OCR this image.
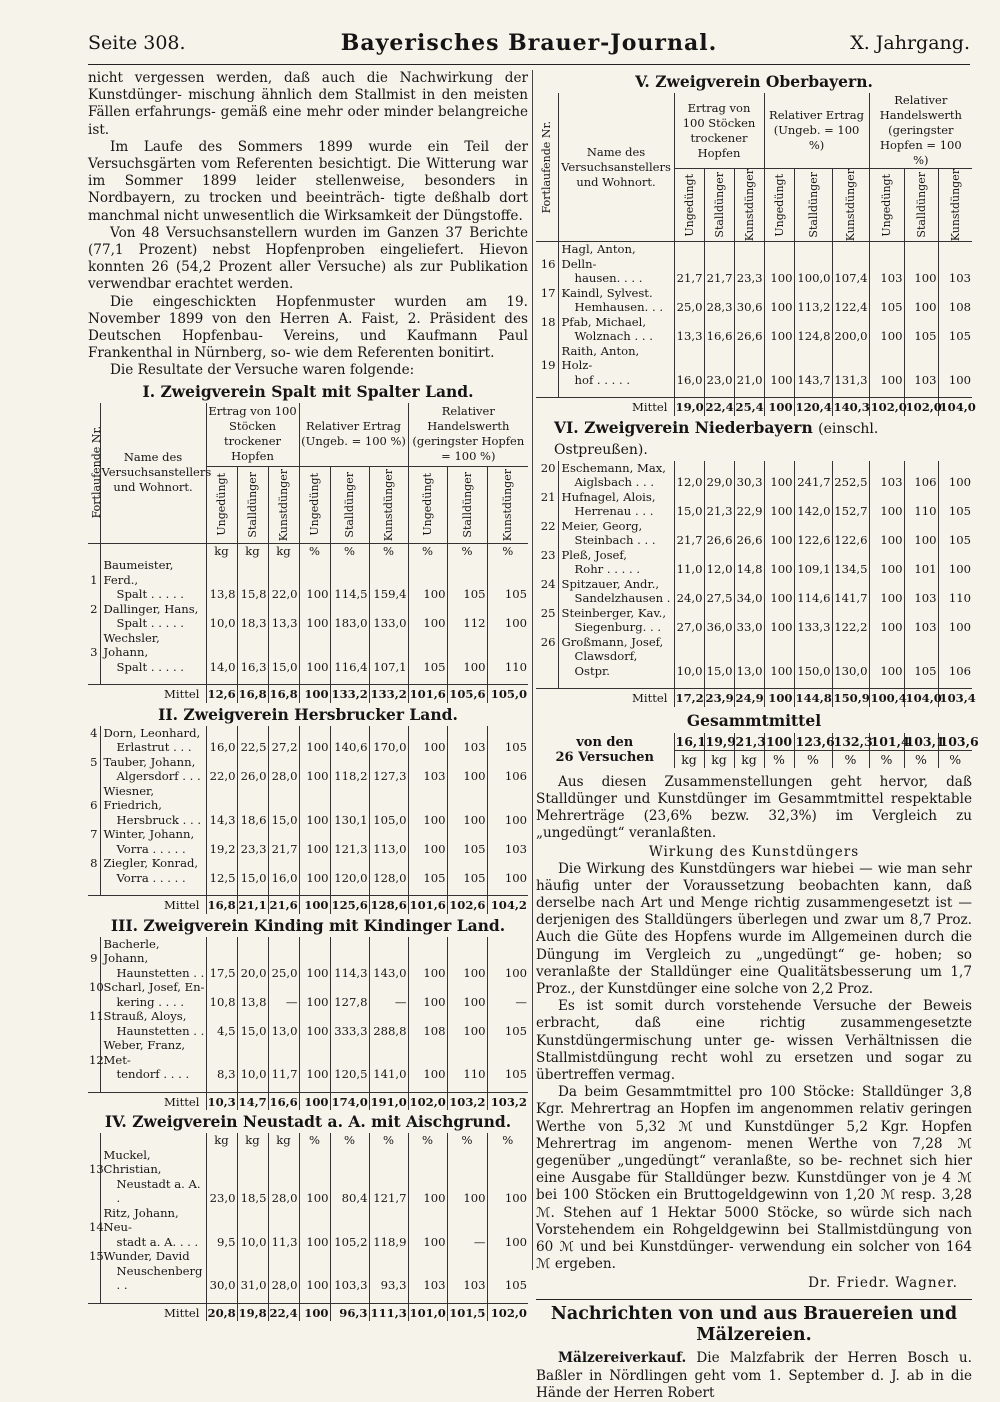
Seite 308.	Bayerisches Brauer-Journal.	X. Jahrgang.

nicht vergessen werden, daß auch die Nachwirkung der Kunstdünger- mischung ähnlich dem Stallmist in den meisten Fällen erfahrungs- gemäß eine mehr oder minder belangreiche ist.

Im Laufe des Sommers 1899 wurde ein Teil der Versuchsgärten vom Referenten besichtigt. Die Witterung war im Sommer 1899 leider stellenweise, besonders in Nordbayern, zu trocken und beeinträch- tigte deßhalb dort manchmal nicht unwesentlich die Wirksamkeit der Düngstoffe.

Von 48 Versuchsanstellern wurden im Ganzen 37 Berichte (77,1 Prozent) nebst Hopfenproben eingeliefert. Hievon konnten 26 (54,2 Prozent aller Versuche) als zur Publikation verwendbar erachtet werden.

Die eingeschickten Hopfenmuster wurden am 19. November 1899 von den Herren A. Faist, 2. Präsident des Deutschen Hopfenbau- Vereins, und Kaufmann Paul Frankenthal in Nürnberg, so- wie dem Referenten bonitirt.

Die Resultate der Versuche waren folgende:

I. Zweigverein Spalt mit Spalter Land.
Fortlaufende Nr.	Name des Versuchsanstellers und Wohnort.	Ertrag von 100 Stöcken trockener Hopfen			Relativer Ertrag (Ungeb. = 100 %)			Relativer Handelswerth (geringster Hopfen = 100 %)		

		Ungedüngt	Stalldünger	Kunstdünger	Ungedüngt	Stalldünger	Kunstdünger	Ungedüngt	Stalldünger	Kunstdünger

		kg	kg	kg	%	%	%	%	%	%
1	Baumeister, Ferd.,									
	Spalt . . . . .	13,8	15,8	22,0	100	114,5	159,4	100	105	105
2	Dallinger, Hans,									
	Spalt . . . . .	10,0	18,3	13,3	100	183,0	133,0	100	112	100
3	Wechsler, Johann,									
	Spalt . . . . .	14,0	16,3	15,0	100	116,4	107,1	105	100	110

Mittel		12,6	16,8	16,8	100	133,2	133,2	101,6	105,6	105,0
II. Zweigverein Hersbrucker Land.
4	Dorn, Leonhard,									
	Erlastrut . . .	16,0	22,5	27,2	100	140,6	170,0	100	103	105
5	Tauber, Johann,									
	Algersdorf . . .	22,0	26,0	28,0	100	118,2	127,3	103	100	106
6	Wiesner, Friedrich,									
	Hersbruck . . .	14,3	18,6	15,0	100	130,1	105,0	100	100	100
7	Winter, Johann,									
	Vorra . . . . .	19,2	23,3	21,7	100	121,3	113,0	100	105	103
8	Ziegler, Konrad,									
	Vorra . . . . .	12,5	15,0	16,0	100	120,0	128,0	105	105	100

Mittel		16,8	21,1	21,6	100	125,6	128,6	101,6	102,6	104,2
III. Zweigverein Kinding mit Kindinger Land.
9	Bacherle, Johann,									
	Haunstetten . .	17,5	20,0	25,0	100	114,3	143,0	100	100	100
10	Scharl, Josef, En-									
	kering . . . .	10,8	13,8	—	100	127,8	—	100	100	—
11	Strauß, Aloys,									
	Haunstetten . .	4,5	15,0	13,0	100	333,3	288,8	108	100	105
12	Weber, Franz, Met-									
	tendorf . . . .	8,3	10,0	11,7	100	120,5	141,0	100	110	105

Mittel		10,3	14,7	16,6	100	174,0	191,0	102,0	103,2	103,2
IV. Zweigverein Neustadt a. A. mit Aischgrund.
		kg	kg	kg	%	%	%	%	%	%
13	Muckel, Christian,									
	Neustadt a. A. .	23,0	18,5	28,0	100	80,4	121,7	100	100	100
14	Ritz, Johann, Neu-									
	stadt a. A. . . .	9,5	10,0	11,3	100	105,2	118,9	100	—	100
15	Wunder, David									
	Neuschenberg . .	30,0	31,0	28,0	100	103,3	93,3	103	103	105

Mittel		20,8	19,8	22,4	100	96,3	111,3	101,0	101,5	102,0
V. Zweigverein Oberbayern.
Fortlaufende Nr.	Name des Versuchsanstellers und Wohnort.	Ertrag von 100 Stöcken trockener Hopfen			Relativer Ertrag (Ungeb. = 100 %)			Relativer Handelswerth (geringster Hopfen = 100 %)		

		Ungedüngt	Stalldünger	Kunstdünger	Ungedüngt	Stalldünger	Kunstdünger	Ungedüngt	Stalldünger	Kunstdünger

16	Hagl, Anton, Delln-									
	hausen. . . .	21,7	21,7	23,3	100	100,0	107,4	103	100	103
17	Kaindl, Sylvest.									
	Hemhausen. . .	25,0	28,3	30,6	100	113,2	122,4	105	100	108
18	Pfab, Michael,									
	Wolznach . . .	13,3	16,6	26,6	100	124,8	200,0	100	105	105
19	Raith, Anton, Holz-									
	hof . . . . .	16,0	23,0	21,0	100	143,7	131,3	100	103	100

Mittel		19,0	22,4	25,4	100	120,4	140,3	102,0	102,0	104,0
VI. Zweigverein Niederbayern (einschl. Ostpreußen).
20	Eschemann, Max,									
	Aiglsbach . . .	12,0	29,0	30,3	100	241,7	252,5	103	106	100
21	Hufnagel, Alois,									
	Herrenau . . .	15,0	21,3	22,9	100	142,0	152,7	100	110	105
22	Meier, Georg,									
	Steinbach . . .	21,7	26,6	26,6	100	122,6	122,6	100	100	105
23	Pleß, Josef,									
	Rohr . . . . .	11,0	12,0	14,8	100	109,1	134,5	100	101	100
24	Spitzauer, Andr.,									
	Sandelzhausen .	24,0	27,5	34,0	100	114,6	141,7	100	103	110
25	Steinberger, Kav.,									
	Siegenburg. . .	27,0	36,0	33,0	100	133,3	122,2	100	103	100
26	Großmann, Josef,									
	Clawsdorf, Ostpr.	10,0	15,0	13,0	100	150,0	130,0	100	105	106

Mittel		17,2	23,9	24,9	100	144,8	150,9	100,4	104,0	103,4
Gesammtmittel
von den
26 Versuchen	16,1	19,9	21,3	100	123,6	132,3	101,4	103,1	103,6
	kg	kg	kg	%	%	%	%	%	%

Aus diesen Zusammenstellungen geht hervor, daß Stalldünger und Kunstdünger im Gesammtmittel respektable Mehrerträge (23,6% bezw. 32,3%) im Vergleich zu „ungedüngt“ veranlaßten.

Wirkung des Kunstdüngers

Die Wirkung des Kunstdüngers war hiebei — wie man sehr häufig unter der Voraussetzung beobachten kann, daß derselbe nach Art und Menge richtig zusammengesetzt ist — derjenigen des Stalldüngers überlegen und zwar um 8,7 Proz. Auch die Güte des Hopfens wurde im Allgemeinen durch die Düngung im Vergleich zu „ungedüngt“ ge- hoben; so veranlaßte der Stalldünger eine Qualitätsbesserung um 1,7 Proz., der Kunstdünger eine solche von 2,2 Proz.

Es ist somit durch vorstehende Versuche der Beweis erbracht, daß eine richtig zusammengesetzte Kunstdüngermischung unter ge- wissen Verhältnissen die Stallmistdüngung recht wohl zu ersetzen und sogar zu übertreffen vermag.

Da beim Gesammtmittel pro 100 Stöcke: Stalldünger 3,8 Kgr. Mehrertrag an Hopfen im angenommen relativ geringen Werthe von 5,32 ℳ und Kunstdünger 5,2 Kgr. Hopfen Mehrertrag im angenom- menen Werthe von 7,28 ℳ gegenüber „ungedüngt“ veranlaßte, so be- rechnet sich hier eine Ausgabe für Stalldünger bezw. Kunstdünger von je 4 ℳ bei 100 Stöcken ein Bruttogeldgewinn von 1,20 ℳ resp. 3,28 ℳ. Stehen auf 1 Hektar 5000 Stöcke, so würde sich nach Vorstehendem ein Rohgeldgewinn bei Stallmistdüngung von 60 ℳ und bei Kunstdünger- verwendung ein solcher von 164 ℳ ergeben.

Dr. Friedr. Wagner.
Nachrichten von und aus Brauereien und Mälzereien.

Mälzereiverkauf. Die Malzfabrik der Herren Bosch u. Baßler in Nördlingen geht vom 1. September d. J. ab in die Hände der Herren Robert
